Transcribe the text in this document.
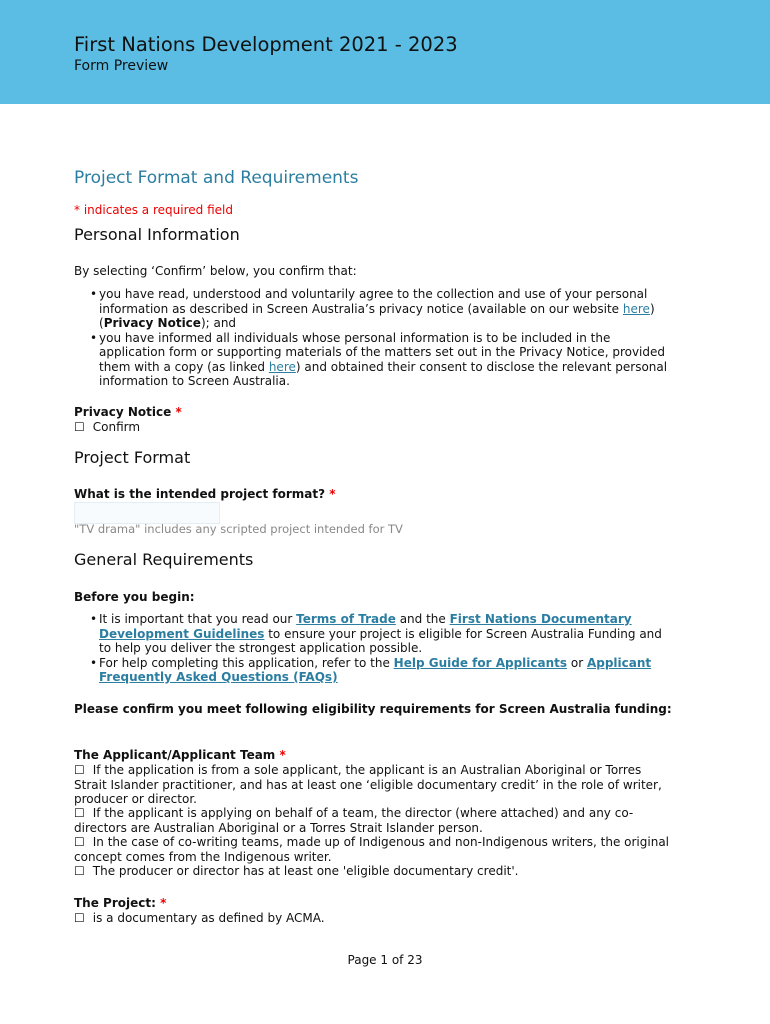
First Nations Development 2021 - 2023
Form Preview
Project Format and Requirements
* indicates a required field
Personal Information
By selecting ‘Confirm’ below, you confirm that:
• you have read, understood and voluntarily agree to the collection and use of your personal information as described in Screen Australia’s privacy notice (available on our website here) (Privacy Notice); and
• you have informed all individuals whose personal information is to be included in the application form or supporting materials of the matters set out in the Privacy Notice, provided them with a copy (as linked here) and obtained their consent to disclose the relevant personal information to Screen Australia.
Privacy Notice *
☐ Confirm
Project Format
What is the intended project format? *
"TV drama" includes any scripted project intended for TV
General Requirements
Before you begin:
• It is important that you read our Terms of Trade and the First Nations Documentary Development Guidelines to ensure your project is eligible for Screen Australia Funding and to help you deliver the strongest application possible.
• For help completing this application, refer to the Help Guide for Applicants or Applicant Frequently Asked Questions (FAQs)
Please confirm you meet following eligibility requirements for Screen Australia funding:
The Applicant/Applicant Team *
☐ If the application is from a sole applicant, the applicant is an Australian Aboriginal or Torres Strait Islander practitioner, and has at least one ‘eligible documentary credit’ in the role of writer, producer or director.
☐ If the applicant is applying on behalf of a team, the director (where attached) and any co-directors are Australian Aboriginal or a Torres Strait Islander person.
☐ In the case of co-writing teams, made up of Indigenous and non-Indigenous writers, the original concept comes from the Indigenous writer.
☐ The producer or director has at least one 'eligible documentary credit'.
The Project: *
☐ is a documentary as defined by ACMA.
Page 1 of 23
